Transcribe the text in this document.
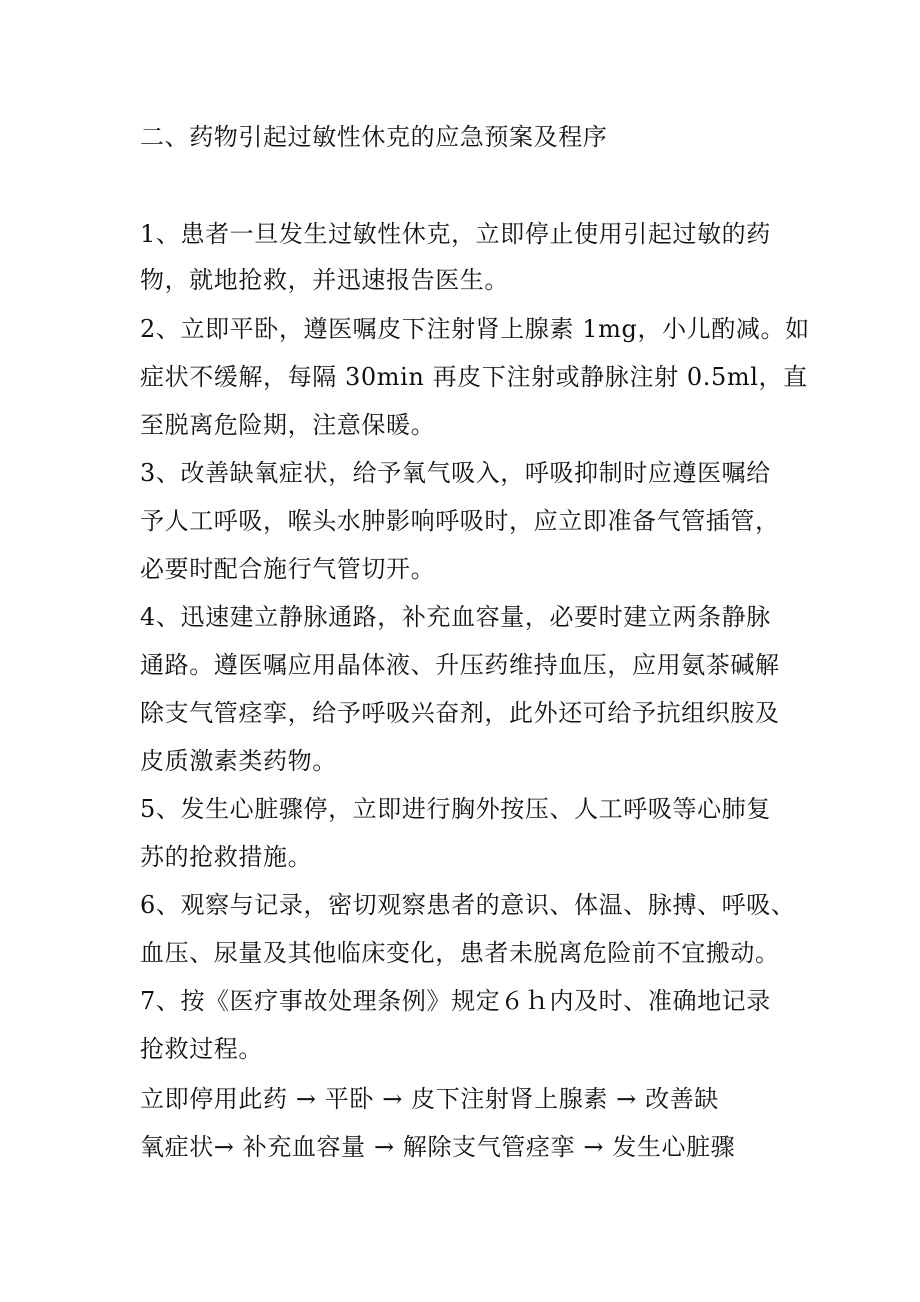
二、药物引起过敏性休克的应急预案及程序
1、患者一旦发生过敏性休克，立即停止使用引起过敏的药
物，就地抢救，并迅速报告医生。
2、立即平卧，遵医嘱皮下注射肾上腺素 1mg，小儿酌减。如
症状不缓解，每隔 30min 再皮下注射或静脉注射 0.5ml，直
至脱离危险期，注意保暖。
3、改善缺氧症状，给予氧气吸入，呼吸抑制时应遵医嘱给
予人工呼吸，喉头水肿影响呼吸时，应立即准备气管插管，
必要时配合施行气管切开。
4、迅速建立静脉通路，补充血容量，必要时建立两条静脉
通路。遵医嘱应用晶体液、升压药维持血压，应用氨茶碱解
除支气管痉挛，给予呼吸兴奋剂，此外还可给予抗组织胺及
皮质激素类药物。
5、发生心脏骤停，立即进行胸外按压、人工呼吸等心肺复
苏的抢救措施。
6、观察与记录，密切观察患者的意识、体温、脉搏、呼吸、
血压、尿量及其他临床变化，患者未脱离危险前不宜搬动。
7、按《医疗事故处理条例》规定６ｈ内及时、准确地记录
抢救过程。
立即停用此药 → 平卧 → 皮下注射肾上腺素 → 改善缺
氧症状→ 补充血容量 → 解除支气管痉挛 → 发生心脏骤
